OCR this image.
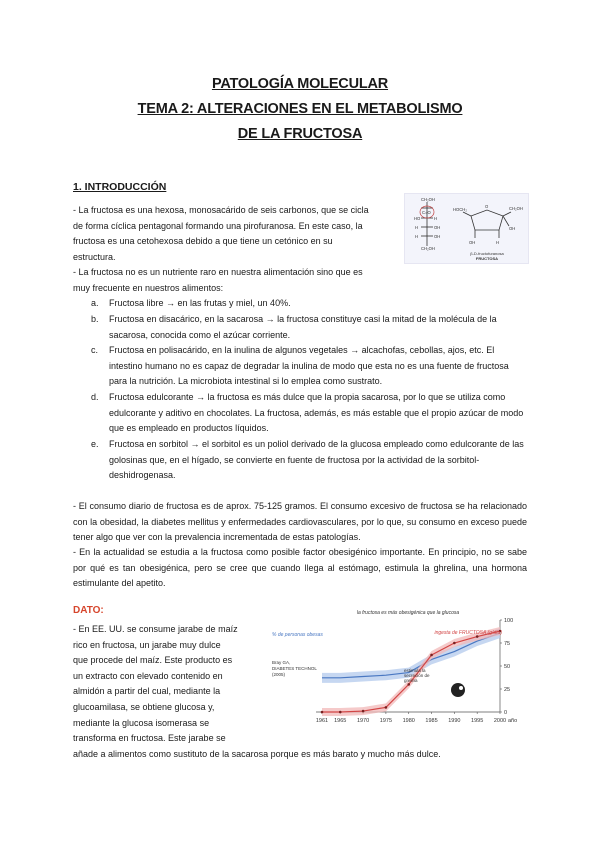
PATOLOGÍA MOLECULAR
TEMA 2: ALTERACIONES EN EL METABOLISMO
DE LA FRUCTOSA
1. INTRODUCCIÓN
- La fructosa es una hexosa, monosacárido de seis carbonos, que se cicla
de forma cíclica pentagonal formando una pirofuranosa. En este caso, la
fructosa es una cetohexosa debido a que tiene un cetónico en su
estructura.
- La fructosa no es un nutriente raro en nuestra alimentación sino que es
muy frecuente en nuestros alimentos:
CH₂OH
C=O
HO	H
H	OH
H	OH
CH₂OH
HOCH₂
O	CH₂OH
OH
OH	H
β-D-fructofuranosa
FRUCTOSA
a.	Fructosa libre → en las frutas y miel, un 40%.
b.	Fructosa en disacárico, en la sacarosa → la fructosa constituye casi la mitad de la molécula de la sacarosa, conocida como el azúcar corriente.
c.	Fructosa en polisacárido, en la inulina de algunos vegetales → alcachofas, cebollas, ajos, etc. El intestino humano no es capaz de degradar la inulina de modo que esta no es una fuente de fructosa para la nutrición. La microbiota intestinal si lo emplea como sustrato.
d.	Fructosa edulcorante → la fructosa es más dulce que la propia sacarosa, por lo que se utiliza como edulcorante y aditivo en chocolates. La fructosa, además, es más estable que el propio azúcar de modo que es empleado en productos líquidos.
e.	Fructosa en sorbitol → el sorbitol es un poliol derivado de la glucosa empleado como edulcorante de las golosinas que, en el hígado, se convierte en fuente de fructosa por la actividad de la sorbitol-deshidrogenasa.
- El consumo diario de fructosa es de aprox. 75-125 gramos. El consumo excesivo de fructosa se ha relacionado con la obesidad, la diabetes mellitus y enfermedades cardiovasculares, por lo que, su consumo en exceso puede tener algo que ver con la prevalencia incrementada de estas patologías.
- En la actualidad se estudia a la fructosa como posible factor obesigénico importante. En principio, no se sabe por qué es tan obesigénica, pero se cree que cuando llega al estómago, estimula la ghrelina, una hormona estimulante del apetito.
DATO:
- En EE. UU. se consume jarabe de maíz
rico en fructosa, un jarabe muy dulce
que procede del maíz. Este producto es
un extracto con elevado contenido en
almidón a partir del cual, mediante la
glucoamilasa, se obtiene glucosa y,
mediante la glucosa isomerasa se
transforma en fructosa. Este jarabe se
añade a alimentos como sustituto de la sacarosa porque es más barato y mucho más dulce.
1961 1965 1970 1975 1980 1985 1990 1995 2000 año
0
25
50
75
100
% de personas obesas	ingesta de FRUCTOSA (g/día)
la fructosa es más obesigénica que la glucosa
Bray GA,
DIABETES TECHNOL
(2005)
estimula la
secreción de
grelina
